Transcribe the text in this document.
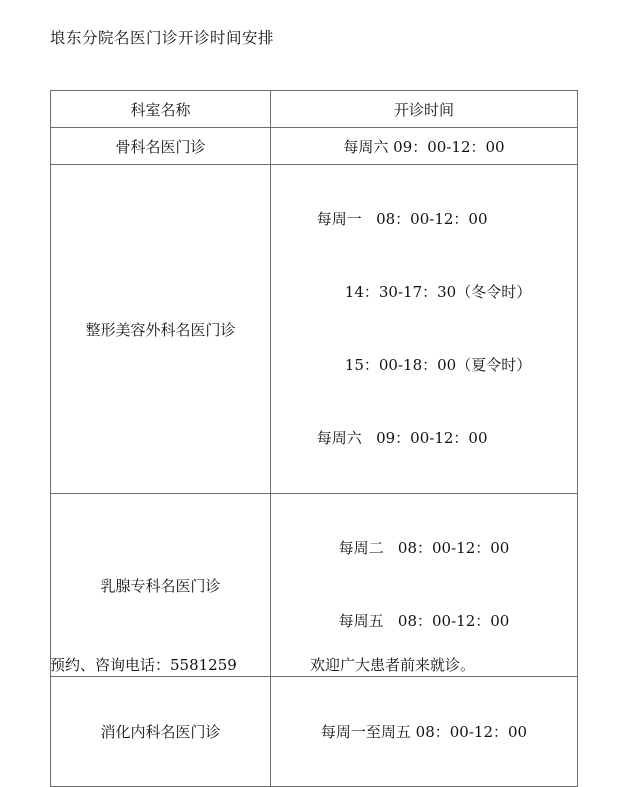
埌东分院名医门诊开诊时间安排
科室名称	开诊时间
骨科名医门诊	每周六 09：00-12：00
整形美容外科名医门诊	每周一   08：00-12：00

14：30-17：30（冬令时）

15：00-18：00（夏令时）

每周六   09：00-12：00

乳腺专科名医门诊	每周二   08：00-12：00

每周五   08：00-12：00

消化内科名医门诊	每周一至周五 08：00-12：00
预约、咨询电话：5581259	欢迎广大患者前来就诊。
